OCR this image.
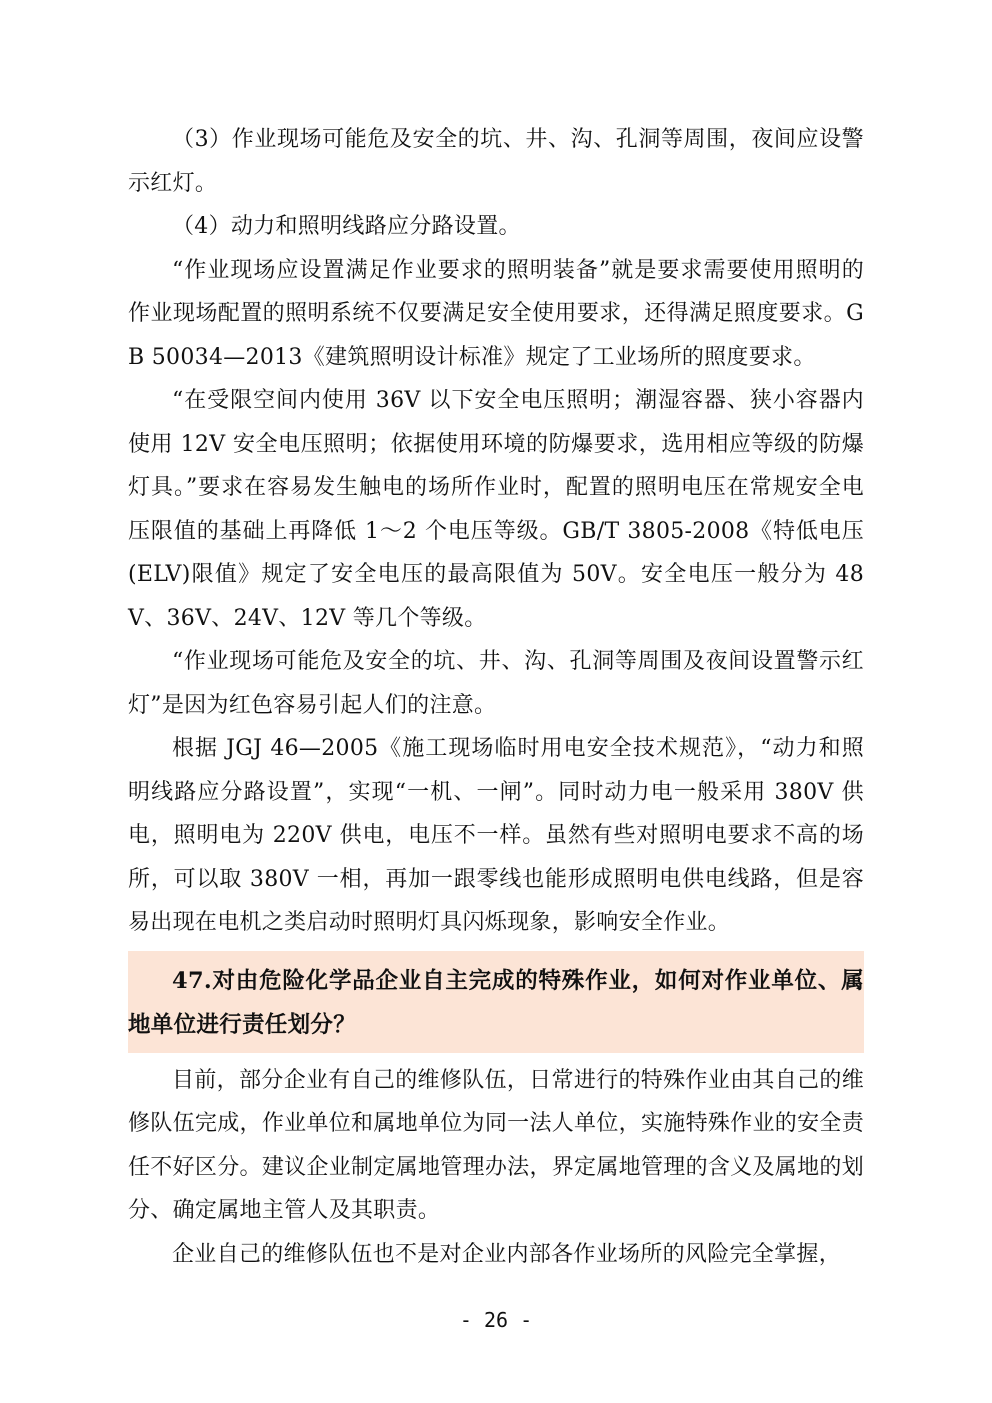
（3）作业现场可能危及安全的坑、井、沟、孔洞等周围，夜间应设警示红灯。

（4）动力和照明线路应分路设置。

“作业现场应设置满足作业要求的照明装备”就是要求需要使用照明的作业现场配置的照明系统不仅要满足安全使用要求，还得满足照度要求。GB 50034—2013《建筑照明设计标准》规定了工业场所的照度要求。

“在受限空间内使用 36V 以下安全电压照明；潮湿容器、狭小容器内使用 12V 安全电压照明；依据使用环境的防爆要求，选用相应等级的防爆灯具。”要求在容易发生触电的场所作业时，配置的照明电压在常规安全电压限值的基础上再降低 1～2 个电压等级。GB/T 3805-2008《特低电压(ELV)限值》规定了安全电压的最高限值为 50V。安全电压一般分为 48V、36V、24V、12V 等几个等级。

“作业现场可能危及安全的坑、井、沟、孔洞等周围及夜间设置警示红灯”是因为红色容易引起人们的注意。

根据 JGJ 46—2005《施工现场临时用电安全技术规范》，“动力和照明线路应分路设置”，实现“一机、一闸”。同时动力电一般采用 380V 供电，照明电为 220V 供电，电压不一样。虽然有些对照明电要求不高的场所，可以取 380V 一相，再加一跟零线也能形成照明电供电线路，但是容易出现在电机之类启动时照明灯具闪烁现象，影响安全作业。

47.对由危险化学品企业自主完成的特殊作业，如何对作业单位、属地单位进行责任划分？

目前，部分企业有自己的维修队伍，日常进行的特殊作业由其自己的维修队伍完成，作业单位和属地单位为同一法人单位，实施特殊作业的安全责任不好区分。建议企业制定属地管理办法，界定属地管理的含义及属地的划分、确定属地主管人及其职责。

企业自己的维修队伍也不是对企业内部各作业场所的风险完全掌握，

- 26 -
